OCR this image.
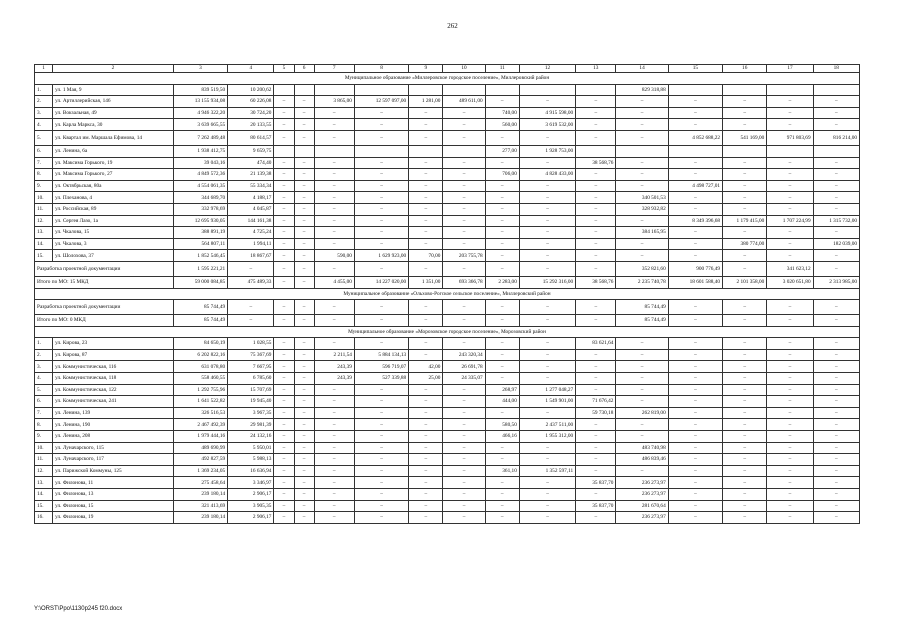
262
1	2	3	4	5	6	7	8	9	10	11	12	13	14	15	16	17	18
Муниципальное образование «Миллеровское городское поселение», Миллеровский район																	
1.	ул. 1 Мая, 9	839 519,50	10 200,62										829 318,88				
2.	ул. Артиллерийская, 146	13 155 934,08	60 226,08	–	–	3 865,00	12 597 097,00	1 281,00	489 611,00	–	–	–	–	–	–	–	–
3.	ул. Вокзальная, 49	4 946 322,20	30 724,20	–	–	–	–	–	–	740,00	4 915 598,00	–	–	–	–	–	–
4.	ул. Карла Маркса, 30	3 639 665,55	20 133,55	–	–	–	–	–	–	560,00	3 619 532,00	–	–	–	–	–	–
5.	ул. Квартал им. Маршала Ефимова, 14	7 262 489,48	80 614,57	–	–	–	–	–	–	–	–	–	–	4 852 688,22	541 169,00	971 803,69	816 214,00
6.	ул. Ленина, 6а	1 938 412,75	9 659,75							277,00	1 928 753,00						
7.	ул. Максима Горького, 19	39 043,16	474,40	–	–	–	–	–	–	–	–	38 568,76	–	–	–	–	–
8.	ул. Максима Горького, 27	4 849 572,36	21 139,38	–	–	–	–	–	–	706,00	4 828 433,00	–	–	–	–	–	–
9.	ул. Октябрьская, 80а	4 554 061,35	55 334,34	–	–	–	–	–	–	–	–	–	–	4 498 727,01	–	–	–
10.	ул. Плеханова, 4	344 689,70	4 188,17	–	–	–	–	–	–	–	–	–	340 501,53	–	–	–	–
11.	ул. Российская, 89	332 978,69	4 045,87	–	–	–	–	–	–	–	–	–	328 932,82	–	–	–	–
12.	ул. Сергея Лазо, 1а	12 695 930,05	144 161,38	–	–	–	–	–	–	–	–	–	–	8 349 396,68	1 179 415,00	1 707 224,99	1 315 732,00
13.	ул. Чкалова, 15	388 891,19	4 725,24	–	–	–	–	–	–	–	–	–	384 165,95	–	–	–	–
14.	ул. Чкалова, 3	564 807,11	1 994,11	–	–	–	–	–	–	–	–	–	–	–	380 774,00	–	182 039,00
15.	ул. Шолохова, 37	1 852 546,45	18 867,67	–	–	590,00	1 629 923,00	70,00	203 755,78	–	–	–	–	–	–	–	–
Разработка проектной документации		1 595 221,21	–	–	–	–	–	–	–	–	–	–	352 821,60	900 776,49	–	341 623,12	–
Итого по МО: 15 МКД		59 000 084,85	475 489,33	–	–	4 455,00	14 227 020,00	1 351,00	693 366,78	2 283,00	15 292 316,00	38 568,76	2 235 740,78	18 601 588,40	2 101 358,00	3 020 651,80	2 313 985,00
Муниципальное образование «Ольхово-Рогское сельское поселение», Миллеровский район																	
Разработка проектной документации		85 744,49	–	–	–	–	–	–	–	–	–	–	85 744,49	–	–	–	–
Итого по МО: 0 МКД		85 744,49	–	–	–	–	–	–	–	–	–	–	85 744,49	–	–	–	–
Муниципальное образование «Морозовское городское поселение», Морозовский район																	
1.	ул. Кирова, 23	84 650,19	1 028,55	–	–	–	–	–	–	–	–	83 621,64	–	–	–	–	–
2.	ул. Кирова, 87	6 202 822,16	75 367,69	–	–	2 211,54	5 884 134,13	–	243 320,34	–	–	–	–	–	–	–	–
3.	ул. Коммунистическая, 116	631 078,80	7 667,95	–	–	243,39	596 719,07	42,00	26 691,78	–	–	–	–	–	–	–	–
4.	ул. Коммунистическая, 118	558 460,55	6 785,60	–	–	243,39	527 339,88	25,00	24 335,07	–	–	–	–	–	–	–	–
5.	ул. Коммунистическая, 122	1 292 755,96	15 707,69	–	–	–	–	–	–	268,97	1 277 048,27	–	–	–	–	–	–
6.	ул. Коммунистическая, 241	1 641 522,82	19 945,40	–	–	–	–	–	–	444,00	1 549 901,00	71 676,42	–	–	–	–	–
7.	ул. Ленина, 139	326 516,53	3 967,35	–	–	–	–	–	–	–	–	59 730,18	262 819,00	–	–	–	–
8.	ул. Ленина, 190	2 467 492,39	29 981,39	–	–	–	–	–	–	580,50	2 437 511,00	–	–	–	–	–	–
9.	ул. Ленина, 208	1 979 444,16	24 132,16	–	–	–	–	–	–	466,16	1 955 312,00	–	–	–	–	–	–
10.	ул. Луначарского, 115	489 690,99	5 950,01	–	–	–	–	–	–	–	–	–	483 740,98	–	–	–	–
11.	ул. Луначарского, 117	492 827,59	5 988,13	–	–	–	–	–	–	–	–	–	486 839,46	–	–	–	–
12.	ул. Парижской Коммуны, 125	1 369 234,05	16 636,94	–	–	–	–	–	–	361,10	1 352 597,11	–	–	–	–	–	–
13.	ул. Филонова, 11	275 458,64	3 346,97	–	–	–	–	–	–	–	–	35 837,70	236 273,97	–	–	–	–
14.	ул. Филонова, 13	239 180,14	2 906,17	–	–	–	–	–	–	–	–	–	236 273,97	–	–	–	–
15.	ул. Филонова, 15	321 413,69	3 905,35	–	–	–	–	–	–	–	–	35 837,70	281 670,64	–	–	–	–
16.	ул. Филонова, 19	239 180,14	2 906,17	–	–	–	–	–	–	–	–	–	236 273,97	–	–	–	–
Y:\ORST\Ppo\1130p245 f20.docx
